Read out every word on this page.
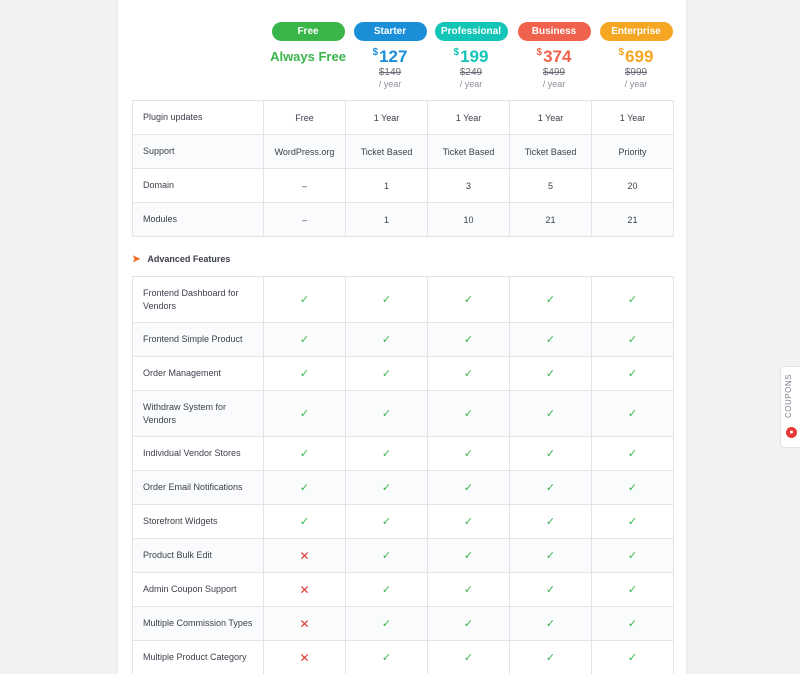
Free
Always Free
Starter
$127
$149
/ year
Professional
$199
$249
/ year
Business
$374
$499
/ year
Enterprise
$699
$999
/ year
Plugin updates	Free	1 Year	1 Year	1 Year	1 Year
Support	WordPress.org	Ticket Based	Ticket Based	Ticket Based	Priority
Domain	–	1	3	5	20
Modules	–	1	10	21	21
➤ Advanced Features
Frontend Dashboard for Vendors	✓	✓	✓	✓	✓
Frontend Simple Product	✓	✓	✓	✓	✓
Order Management	✓	✓	✓	✓	✓
Withdraw System for Vendors	✓	✓	✓	✓	✓
Individual Vendor Stores	✓	✓	✓	✓	✓
Order Email Notifications	✓	✓	✓	✓	✓
Storefront Widgets	✓	✓	✓	✓	✓
Product Bulk Edit	✕	✓	✓	✓	✓
Admin Coupon Support	✕	✓	✓	✓	✓
Multiple Commission Types	✕	✓	✓	✓	✓
Multiple Product Category	✕	✓	✓	✓	✓
COUPONS
●
